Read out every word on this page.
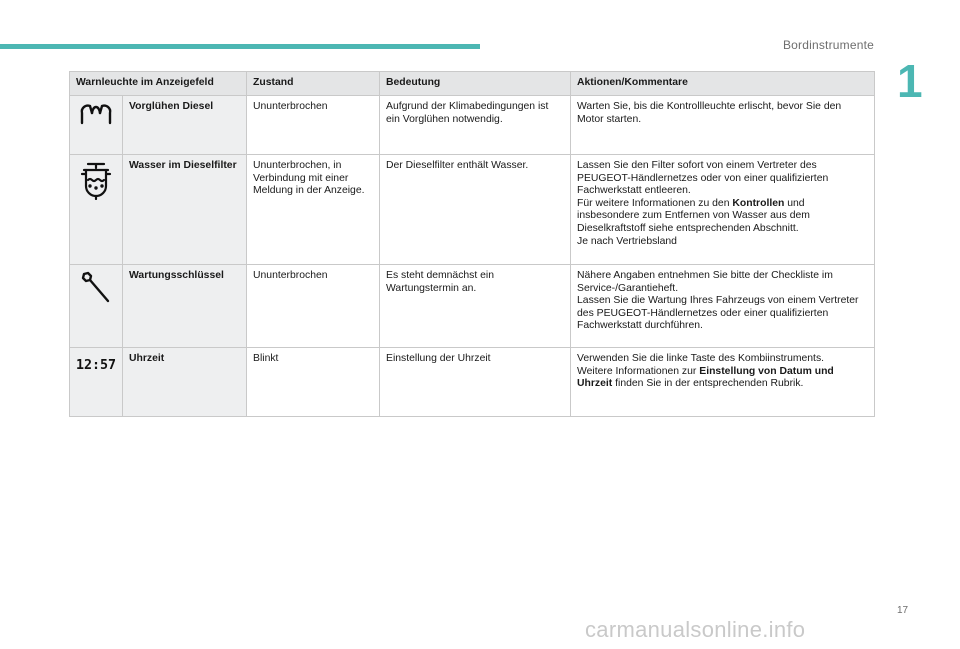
Bordinstrumente
1
Warnleuchte im Anzeigefeld		Zustand	Bedeutung	Aktionen/Kommentare

	Vorglühen Diesel	Ununterbrochen	Aufgrund der Klimabedingungen ist ein Vorglühen notwendig.	Warten Sie, bis die Kontrollleuchte erlischt, bevor Sie den Motor starten.

	Wasser im Dieselfilter	Ununterbrochen, in Verbindung mit einer Meldung in der Anzeige.	Der Dieselfilter enthält Wasser.	Lassen Sie den Filter sofort von einem Vertreter des PEUGEOT-Händlernetzes oder von einer qualifizierten Fachwerkstatt entleeren.
Für weitere Informationen zu den Kontrollen und insbesondere zum Entfernen von Wasser aus dem Dieselkraftstoff siehe entsprechenden Abschnitt.
Je nach Vertriebsland

	Wartungsschlüssel	Ununterbrochen	Es steht demnächst ein Wartungstermin an.	Nähere Angaben entnehmen Sie bitte der Checkliste im Service-/Garantieheft.
Lassen Sie die Wartung Ihres Fahrzeugs von einem Vertreter des PEUGEOT-Händlernetzes oder einer qualifizierten Fachwerkstatt durchführen.

12:57	Uhrzeit	Blinkt	Einstellung der Uhrzeit	Verwenden Sie die linke Taste des Kombiinstruments.
Weitere Informationen zur Einstellung von Datum und Uhrzeit finden Sie in der entsprechenden Rubrik.
17
carmanualsonline.info
